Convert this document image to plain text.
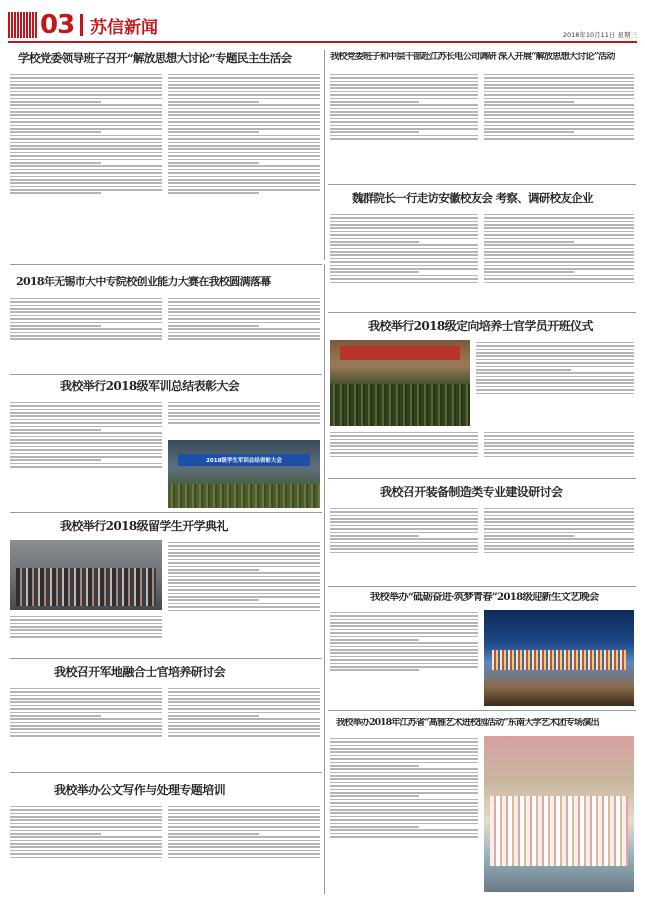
03 苏信新闻	2018年10月11日 星期三
学校党委领导班子召开“解放思想大讨论”专题民主生活会	我校党委班子和中层干部赴江苏长电公司调研 深入开展“解放思想大讨论”活动
魏群院长一行走访安徽校友会 考察、调研校友企业
2018年无锡市大中专院校创业能力大赛在我校圆满落幕
我校举行2018级军训总结表彰大会
2018级学生军训总结表彰大会
我校举行2018级留学生开学典礼
我校召开军地融合士官培养研讨会
我校举办公文写作与处理专题培训
我校举行2018级定向培养士官学员开班仪式
我校召开装备制造类专业建设研讨会
我校举办“砥砺奋进·筑梦青春”2018级迎新生文艺晚会
我校举办2018年江苏省“高雅艺术进校园活动”东南大学艺术团专场演出
